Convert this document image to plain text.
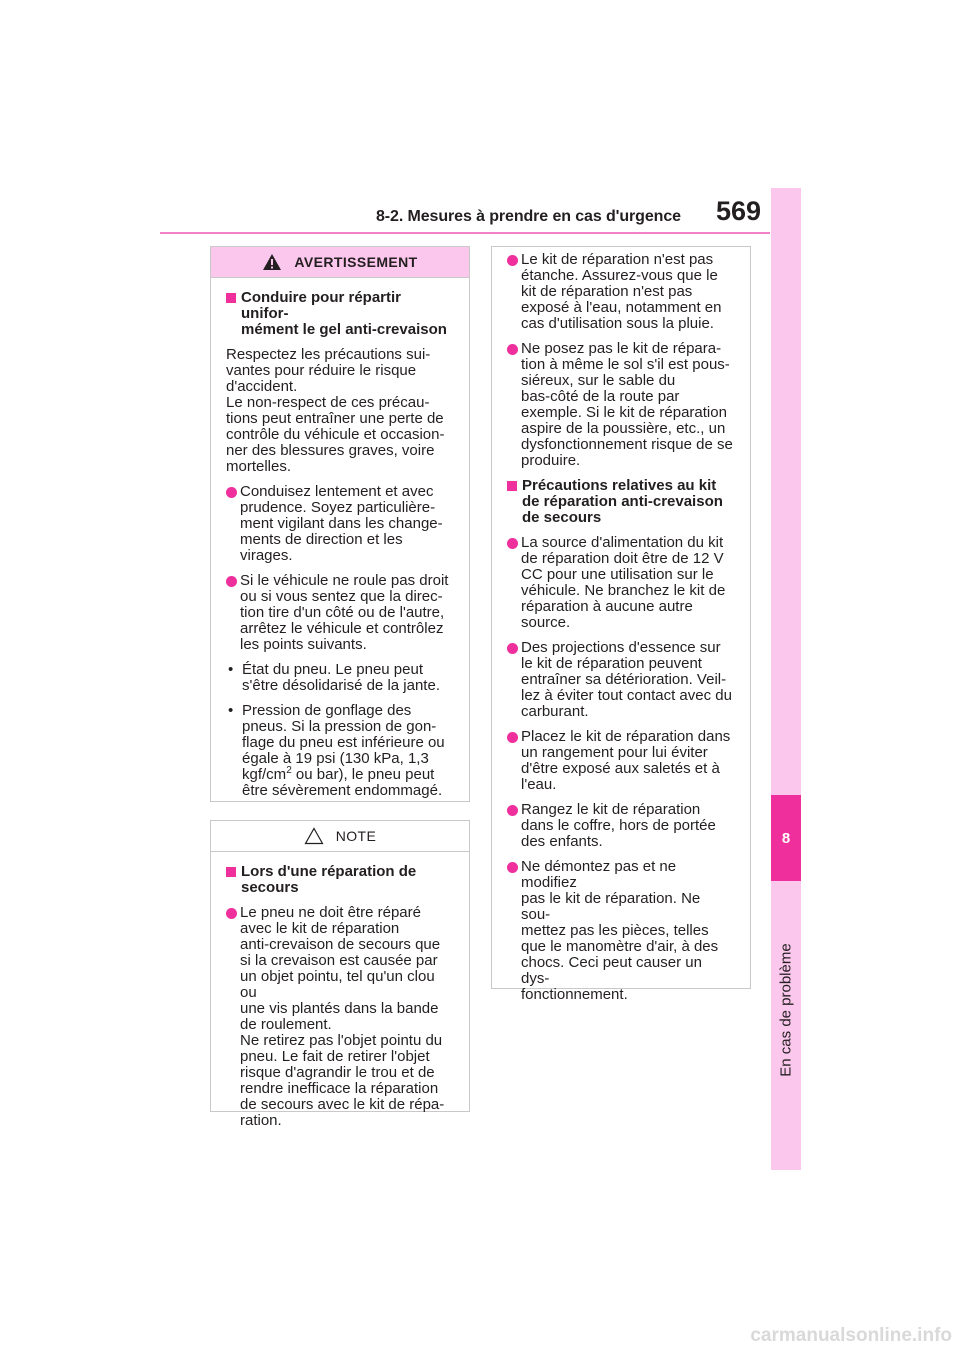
8-2. Mesures à prendre en cas d'urgence 569
8
En cas de problème
AVERTISSEMENT
Conduire pour répartir unifor-
mément le gel anti-crevaison
Respectez les précautions sui-
vantes pour réduire le risque
d'accident.
Le non-respect de ces précau-
tions peut entraîner une perte de
contrôle du véhicule et occasion-
ner des blessures graves, voire
mortelles.
Conduisez lentement et avec
prudence. Soyez particulière-
ment vigilant dans les change-
ments de direction et les
virages.
Si le véhicule ne roule pas droit
ou si vous sentez que la direc-
tion tire d'un côté ou de l'autre,
arrêtez le véhicule et contrôlez
les points suivants.
• État du pneu. Le pneu peut
s'être désolidarisé de la jante.
• Pression de gonflage des
pneus. Si la pression de gon-
flage du pneu est inférieure ou
égale à 19 psi (130 kPa, 1,3
kgf/$cm^2$ ou bar), le pneu peut
être sévèrement endommagé.
NOTE
Lors d'une réparation de
secours
Le pneu ne doit être réparé
avec le kit de réparation
anti-crevaison de secours que
si la crevaison est causée par
un objet pointu, tel qu'un clou ou
une vis plantés dans la bande
de roulement.
Ne retirez pas l'objet pointu du
pneu. Le fait de retirer l'objet
risque d'agrandir le trou et de
rendre inefficace la réparation
de secours avec le kit de répa-
ration.
Le kit de réparation n'est pas
étanche. Assurez-vous que le
kit de réparation n'est pas
exposé à l'eau, notamment en
cas d'utilisation sous la pluie.
Ne posez pas le kit de répara-
tion à même le sol s'il est pous-
siéreux, sur le sable du
bas-côté de la route par
exemple. Si le kit de réparation
aspire de la poussière, etc., un
dysfonctionnement risque de se
produire.
Précautions relatives au kit
de réparation anti-crevaison
de secours
La source d'alimentation du kit
de réparation doit être de 12 V
CC pour une utilisation sur le
véhicule. Ne branchez le kit de
réparation à aucune autre
source.
Des projections d'essence sur
le kit de réparation peuvent
entraîner sa détérioration. Veil-
lez à éviter tout contact avec du
carburant.
Placez le kit de réparation dans
un rangement pour lui éviter
d'être exposé aux saletés et à
l'eau.
Rangez le kit de réparation
dans le coffre, hors de portée
des enfants.
Ne démontez pas et ne modifiez
pas le kit de réparation. Ne sou-
mettez pas les pièces, telles
que le manomètre d'air, à des
chocs. Ceci peut causer un dys-
fonctionnement.
carmanualsonline.info
